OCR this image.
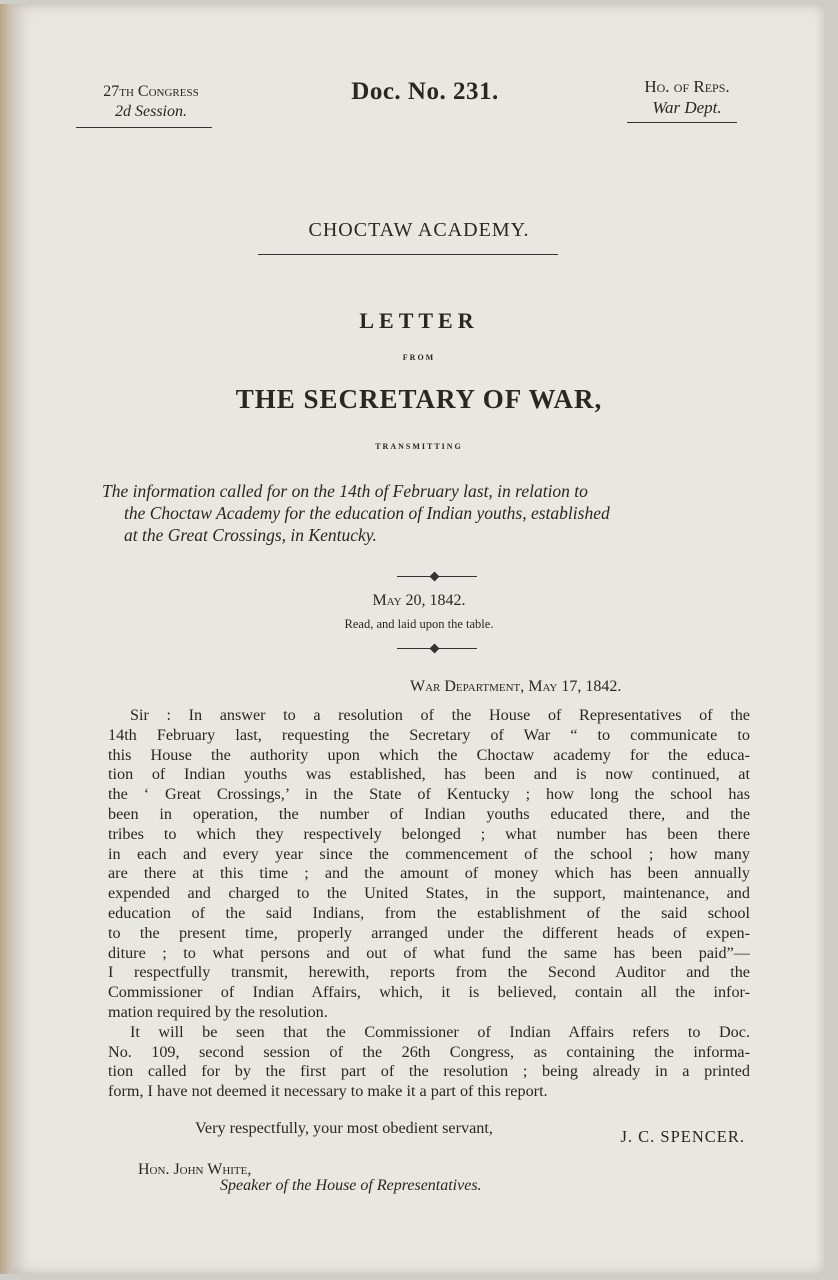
27th Congress
2d Session.
Doc. No. 231.	Ho. of Reps.
War Dept.
CHOCTAW ACADEMY.
LETTER
FROM
THE SECRETARY OF WAR,
TRANSMITTING
The information called for on the 14th of February last, in relation to
the Choctaw Academy for the education of Indian youths, established
at the Great Crossings, in Kentucky.
May 20, 1842.
Read, and laid upon the table.
War Department, May 17, 1842.
Sir : In answer to a resolution of the House of Representatives of the
14th February last, requesting the Secretary of War “ to communicate to
this House the authority upon which the Choctaw academy for the educa-
tion of Indian youths was established, has been and is now continued, at
the ‘ Great Crossings,’ in the State of Kentucky ; how long the school has
been in operation, the number of Indian youths educated there, and the
tribes to which they respectively belonged ; what number has been there
in each and every year since the commencement of the school ; how many
are there at this time ; and the amount of money which has been annually
expended and charged to the United States, in the support, maintenance, and
education of the said Indians, from the establishment of the said school
to the present time, properly arranged under the different heads of expen-
diture ; to what persons and out of what fund the same has been paid”—
I respectfully transmit, herewith, reports from the Second Auditor and the
Commissioner of Indian Affairs, which, it is believed, contain all the infor-
mation required by the resolution.
It will be seen that the Commissioner of Indian Affairs refers to Doc.
No. 109, second session of the 26th Congress, as containing the informa-
tion called for by the first part of the resolution ; being already in a printed
form, I have not deemed it necessary to make it a part of this report.
Very respectfully, your most obedient servant,	J. C. SPENCER.
Hon. John White,
Speaker of the House of Representatives.
